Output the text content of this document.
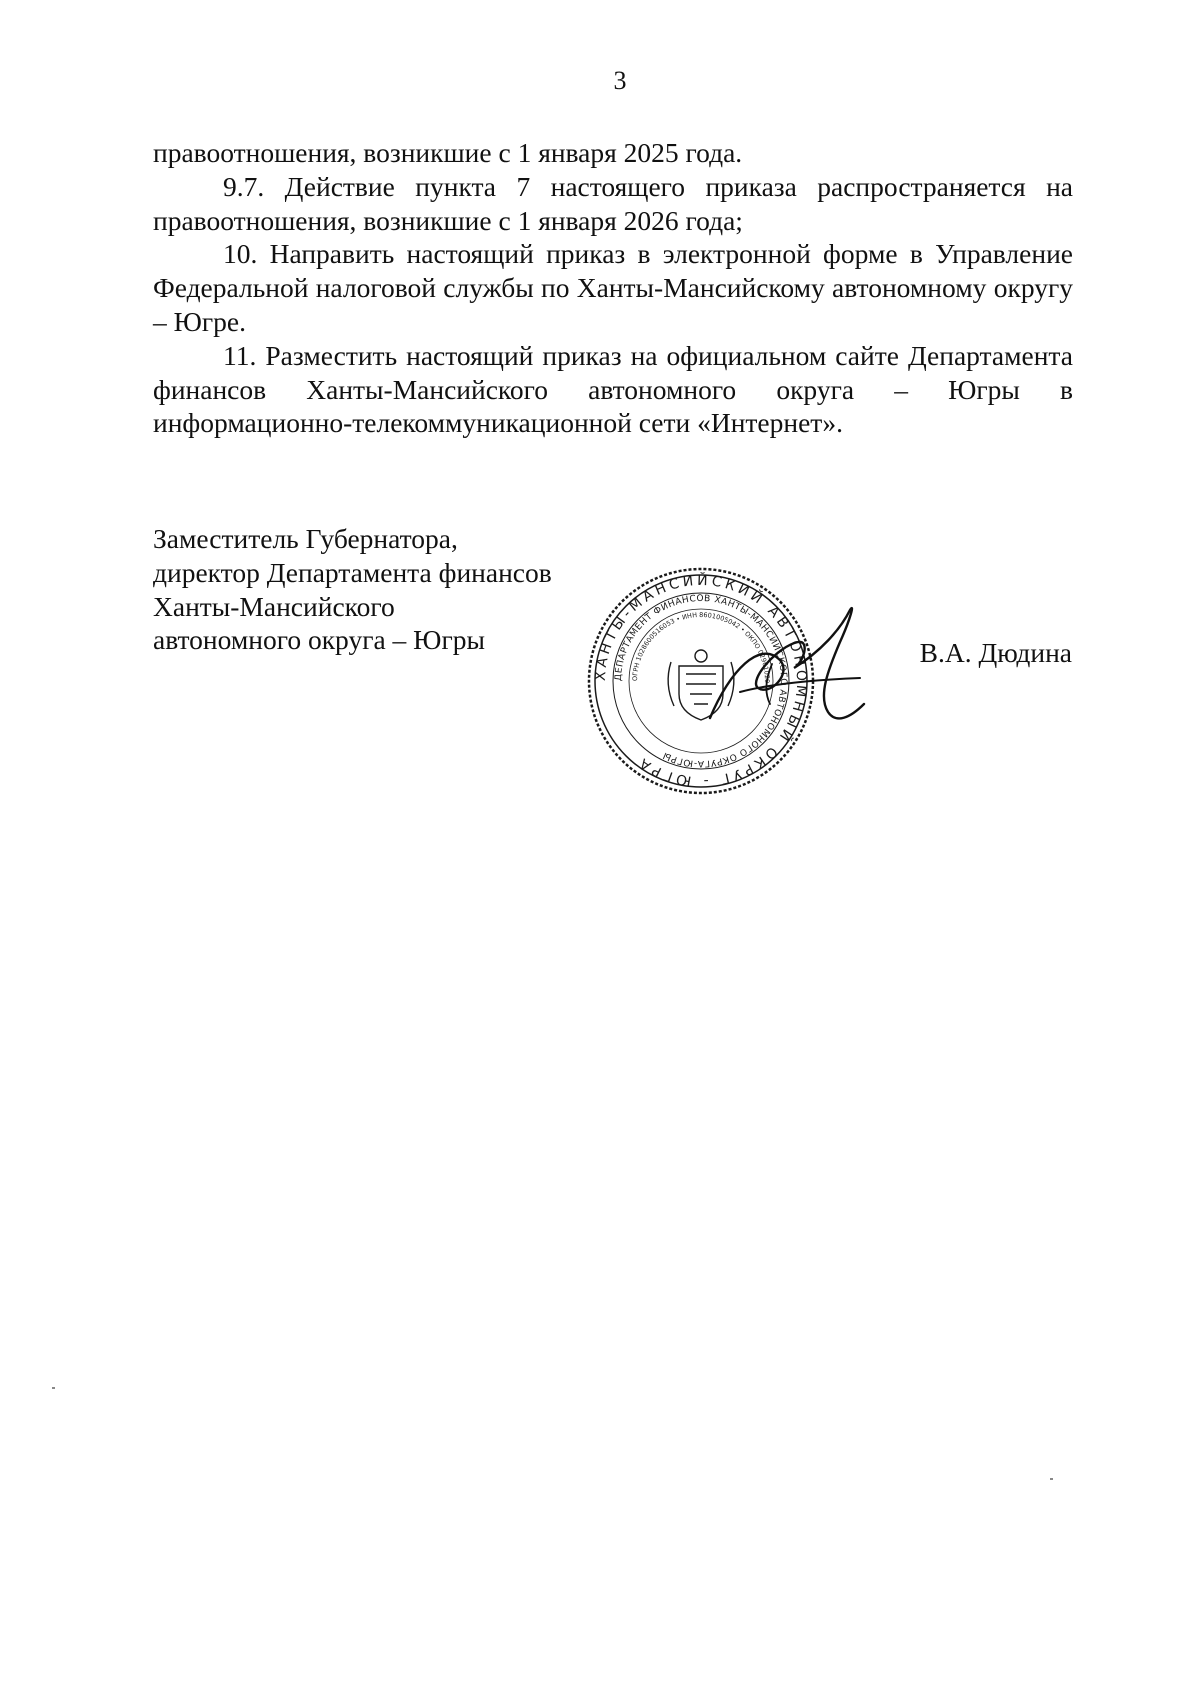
3

правоотношения, возникшие с 1 января 2025 года.

9.7. Действие пункта 7 настоящего приказа распространяется на правоотношения, возникшие с 1 января 2026 года;

10. Направить настоящий приказ в электронной форме в Управление Федеральной налоговой службы по Ханты-Мансийскому автономному округу – Югре.

11. Разместить настоящий приказ на официальном сайте Департамента финансов Ханты-Мансийского автономного округа – Югры в информационно-телекоммуникационной сети «Интернет».

Заместитель Губернатора,
директор Департамента финансов
Ханты-Мансийского
автономного округа – Югры
ХАНТЫ-МАНСИЙСКИЙ АВТОНОМНЫЙ ОКРУГ - ЮГРА
ДЕПАРТАМЕНТ ФИНАНСОВ ХАНТЫ-МАНСИЙСКОГО АВТОНОМНОГО ОКРУГА-ЮГРЫ
ОГРН 1028600516053 • ИНН 8601005042 • ОКПО 02961020
В.А. Дюдина
